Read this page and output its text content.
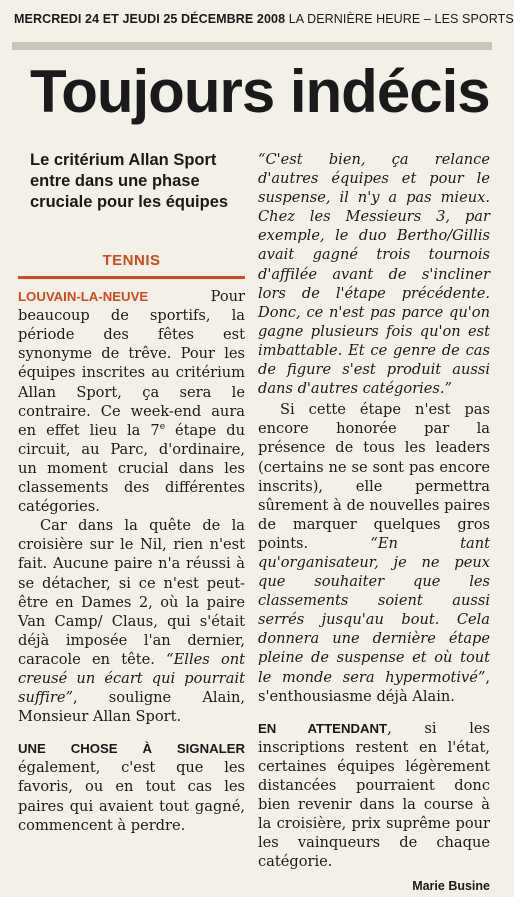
MERCREDI 24 ET JEUDI 25 DÉCEMBRE 2008 LA DERNIÈRE HEURE – LES SPORTS
Toujours indécis
Le critérium Allan Sport entre dans une phase cruciale pour les équipes
TENNIS

LOUVAIN-LA-NEUVE	Pour beaucoup de sportifs, la période des fêtes est synonyme de trêve. Pour les équipes inscrites au critérium Allan Sport, ça sera le contraire. Ce week-end aura en effet lieu la 7e étape du circuit, au Parc, d'ordinaire, un moment crucial dans les classements des différentes catégories.

Car dans la quête de la croisière sur le Nil, rien n'est fait. Aucune paire n'a réussi à se détacher, si ce n'est peut-être en Dames 2, où la paire Van Camp/ Claus, qui s'était déjà imposée l'an dernier, caracole en tête. “Elles ont creusé un écart qui pourrait suffire”, souligne Alain, Monsieur Allan Sport.

UNE CHOSE À SIGNALER également, c'est que les favoris, ou en tout cas les paires qui avaient tout gagné, commencent à perdre.

“C'est bien, ça relance d'autres équipes et pour le suspense, il n'y a pas mieux. Chez les Messieurs 3, par exemple, le duo Bertho/Gillis avait gagné trois tournois d'affilée avant de s'incliner lors de l'étape précédente. Donc, ce n'est pas parce qu'on gagne plusieurs fois qu'on est imbattable. Et ce genre de cas de figure s'est produit aussi dans d'autres catégories.”

Si cette étape n'est pas encore honorée par la présence de tous les leaders (certains ne se sont pas encore inscrits), elle permettra sûrement à de nouvelles paires de marquer quelques gros points. “En tant qu'organisateur, je ne peux que souhaiter que les classements soient aussi serrés jusqu'au bout. Cela donnera une dernière étape pleine de suspense et où tout le monde sera hypermotivé”, s'enthousiasme déjà Alain.

EN ATTENDANT, si les inscriptions restent en l'état, certaines équipes légèrement distancées pourraient donc bien revenir dans la course à la croisière, prix suprême pour les vainqueurs de chaque catégorie.

Marie Busine
